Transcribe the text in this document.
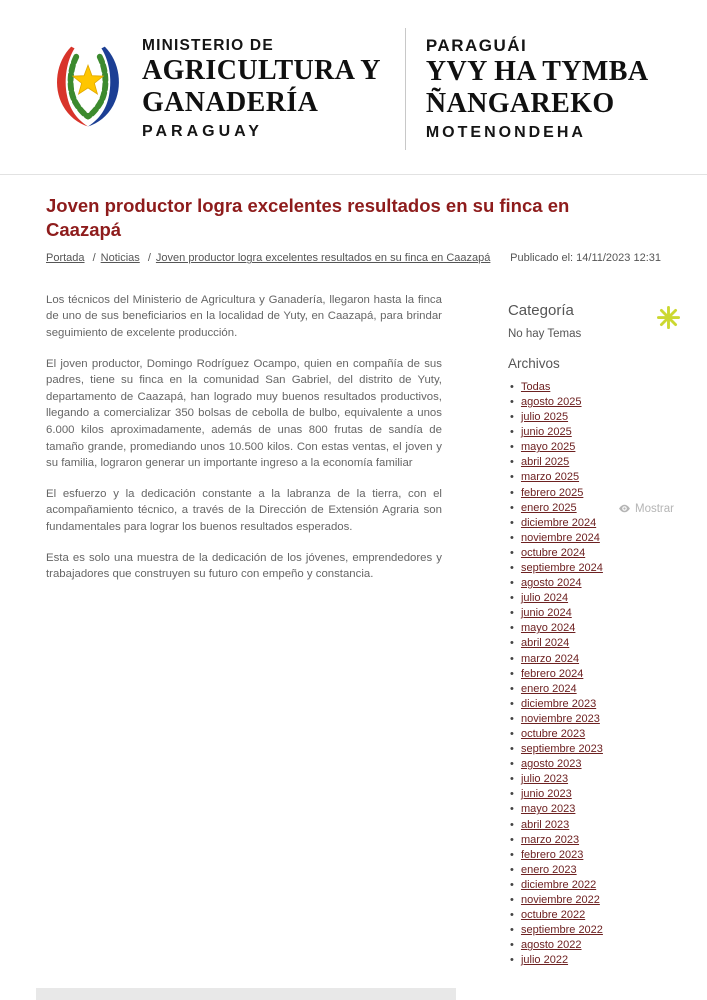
MINISTERIO DE
AGRICULTURA Y
GANADERÍA
PARAGUAY
PARAGUÁI
YVY HA TYMBA
ÑANGAREKO
MOTENONDEHA
Joven productor logra excelentes resultados en su finca en Caazapá
Portada / Noticias / Joven productor logra excelentes resultados en su finca en Caazapá	Publicado el: 14/11/2023 12:31

Los técnicos del Ministerio de Agricultura y Ganadería, llegaron hasta la finca de uno de sus beneficiarios en la localidad de Yuty, en Caazapá, para brindar seguimiento de excelente producción.

El joven productor, Domingo Rodríguez Ocampo, quien en compañía de sus padres, tiene su finca en la comunidad San Gabriel, del distrito de Yuty, departamento de Caazapá, han logrado muy buenos resultados productivos, llegando a comercializar 350 bolsas de cebolla de bulbo, equivalente a unos 6.000 kilos aproximadamente, además de unas 800 frutas de sandía de tamaño grande, promediando unos 10.500 kilos. Con estas ventas, el joven y su familia, lograron generar un importante ingreso a la economía familiar

El esfuerzo y la dedicación constante a la labranza de la tierra, con el acompañamiento técnico, a través de la Dirección de Extensión Agraria son fundamentales para lograr los buenos resultados esperados.

Esta es solo una muestra de la dedicación de los jóvenes, emprendedores y trabajadores que construyen su futuro con empeño y constancia.

Categoría
No hay Temas
Archivos
• Todas
• agosto 2025
• julio 2025
• junio 2025
• mayo 2025
• abril 2025
• marzo 2025
• febrero 2025
• enero 2025
• diciembre 2024
• noviembre 2024
• octubre 2024
• septiembre 2024
• agosto 2024
• julio 2024
• junio 2024
• mayo 2024
• abril 2024
• marzo 2024
• febrero 2024
• enero 2024
• diciembre 2023
• noviembre 2023
• octubre 2023
• septiembre 2023
• agosto 2023
• julio 2023
• junio 2023
• mayo 2023
• abril 2023
• marzo 2023
• febrero 2023
• enero 2023
• diciembre 2022
• noviembre 2022
• octubre 2022
• septiembre 2022
• agosto 2022
• julio 2022
Mostrar
